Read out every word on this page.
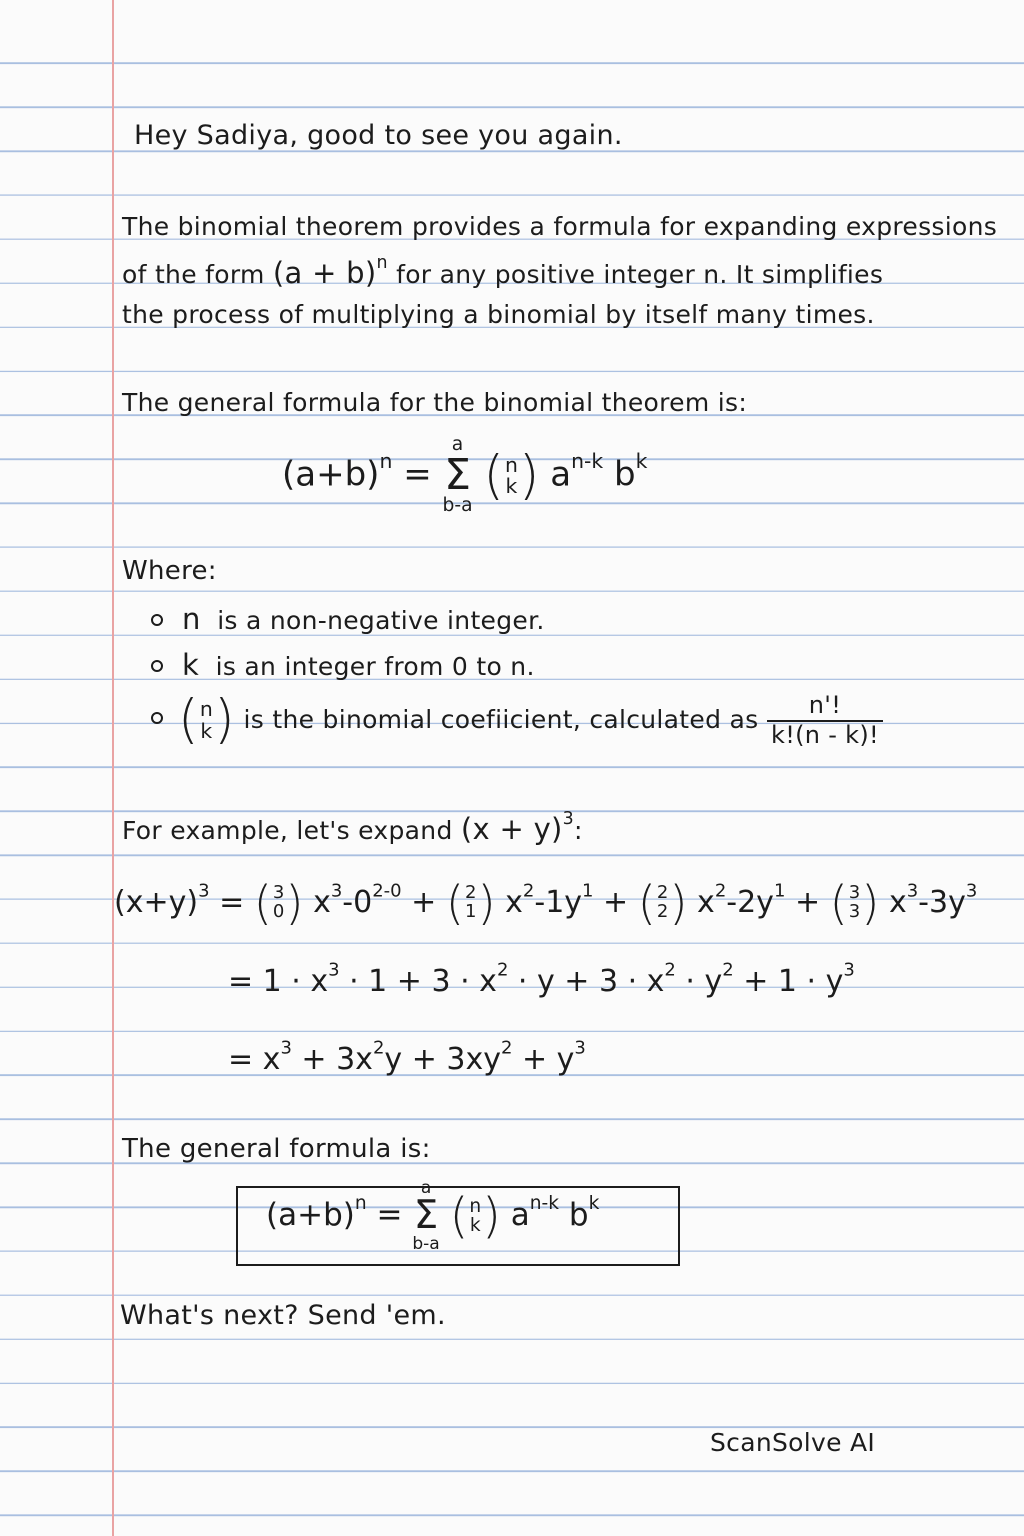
Hey Sadiya, good to see you again.
The binomial theorem provides a formula for expanding expressions
of the form $(a + b)^n$ for any positive integer n. It simplifies
the process of multiplying a binomial by itself many times.
The general formula for the binomial theorem is:
$(a+b)^n$ =
a
Σ
b-a

( n
k ) $a^{n-k}$ $b^k$
Where:
n is a non-negative integer.
k is an integer from 0 to n.
( n
k ) is the binomial coefiicient, calculated as $\frac{n'!}{k!(n - k)!}$
For example, let's expand $(x + y)^3$:
$(x+y)^3$ = ( 3
0 ) $x^3-0^{2-0}$ + ( 2
1 ) $x^2-1y^1$ + ( 2
2 ) $x^2-2y^1$ + ( 3
3 ) $x^3-3y^3$
= $1 \cdot x^3 \cdot 1 + 3 \cdot x^2 \cdot y + 3 \cdot x^2 \cdot y^2 + 1 \cdot y^3$
= $x^3 + 3x^2y + 3xy^2 + y^3$
The general formula is:
$(a+b)^n$ =
a
Σ
b-a
( n
k ) $a^{n-k}$ $b^k$
What's next? Send 'em.
ScanSolve AI
